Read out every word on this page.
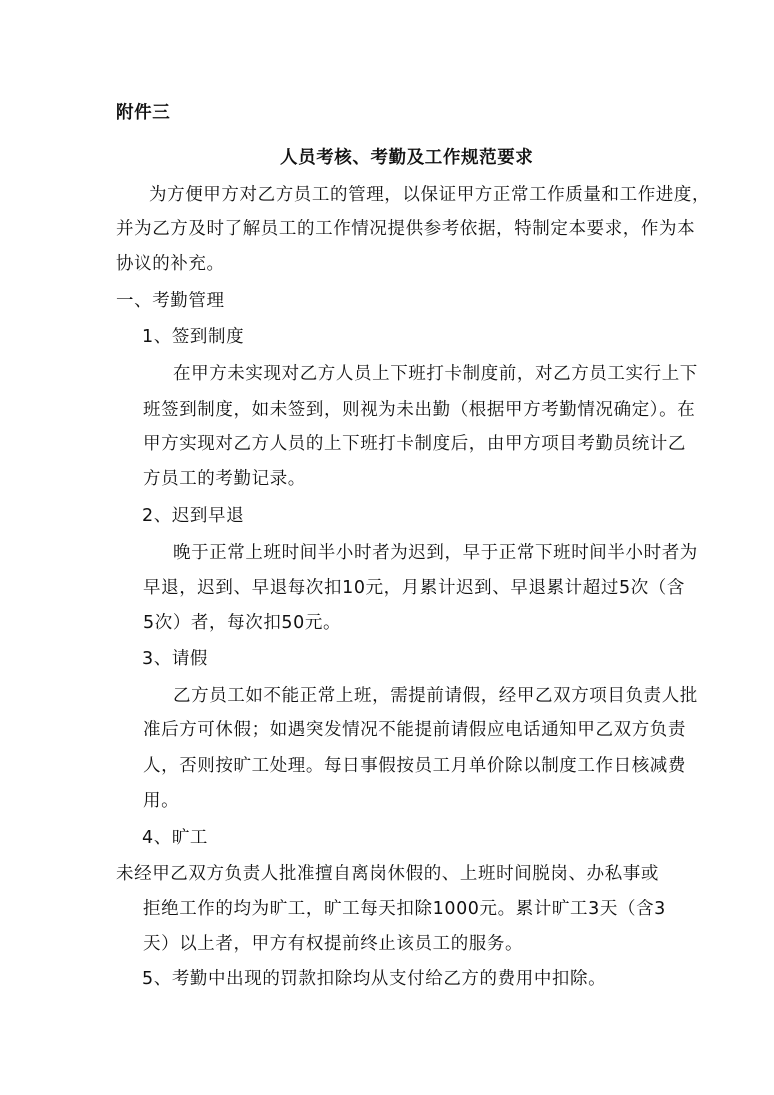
附件三

人员考核、考勤及工作规范要求

为方便甲方对乙方员工的管理，以保证甲方正常工作质量和工作进度，

并为乙方及时了解员工的工作情况提供参考依据，特制定本要求，作为本

协议的补充。

一、考勤管理

1、签到制度

在甲方未实现对乙方人员上下班打卡制度前，对乙方员工实行上下

班签到制度，如未签到，则视为未出勤（根据甲方考勤情况确定）。在

甲方实现对乙方人员的上下班打卡制度后，由甲方项目考勤员统计乙

方员工的考勤记录。

2、迟到早退

晚于正常上班时间半小时者为迟到，早于正常下班时间半小时者为

早退，迟到、早退每次扣10元，月累计迟到、早退累计超过5次（含

5次）者，每次扣50元。

3、请假

乙方员工如不能正常上班，需提前请假，经甲乙双方项目负责人批

准后方可休假；如遇突发情况不能提前请假应电话通知甲乙双方负责

人，否则按旷工处理。每日事假按员工月单价除以制度工作日核减费

用。

4、旷工

未经甲乙双方负责人批准擅自离岗休假的、上班时间脱岗、办私事或

拒绝工作的均为旷工，旷工每天扣除1000元。累计旷工3天（含3

天）以上者，甲方有权提前终止该员工的服务。

5、考勤中出现的罚款扣除均从支付给乙方的费用中扣除。
